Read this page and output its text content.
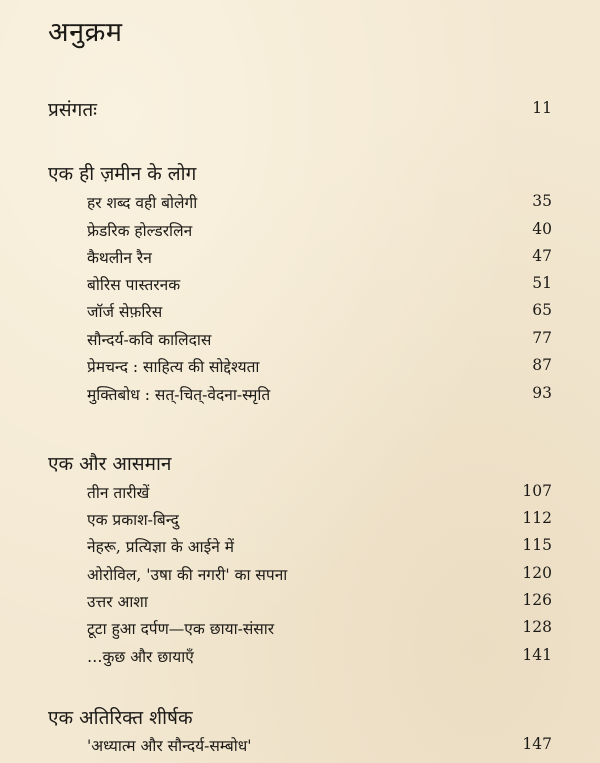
अनुक्रम
प्रसंगतः	11
एक ही ज़मीन के लोग
हर शब्द वही बोलेगी	35
फ्रेडरिक होल्डरलिन	40
कैथलीन रैन	47
बोरिस पास्तरनक	51
जॉर्ज सेफ़रिस	65
सौन्दर्य-कवि कालिदास	77
प्रेमचन्द : साहित्य की सोद्देश्यता	87
मुक्तिबोध : सत्-चित्-वेदना-स्मृति	93
एक और आसमान
तीन तारीखें	107
एक प्रकाश-बिन्दु	112
नेहरू, प्रत्यिज्ञा के आईने में	115
ओरोविल, 'उषा की नगरी' का सपना	120
उत्तर आशा	126
टूटा हुआ दर्पण—एक छाया-संसार	128
…कुछ और छायाएँ	141
एक अतिरिक्त शीर्षक
'अध्यात्म और सौन्दर्य-सम्बोध'	147
